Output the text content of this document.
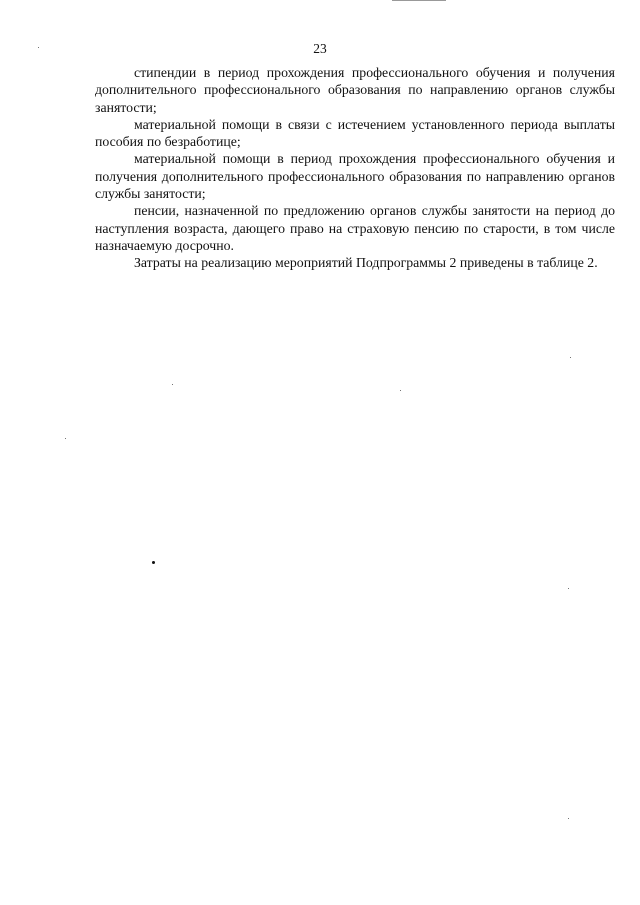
23

стипендии в период прохождения профессионального обучения и получения дополнительного профессионального образования по направлению органов службы занятости;

материальной помощи в связи с истечением установленного периода выплаты пособия по безработице;

материальной помощи в период прохождения профессионального обучения и получения дополнительного профессионального образования по направлению органов службы занятости;

пенсии, назначенной по предложению органов службы занятости на период до наступления возраста, дающего право на страховую пенсию по старости, в том числе назначаемую досрочно.

Затраты на реализацию мероприятий Подпрограммы 2 приведены в таблице 2.
